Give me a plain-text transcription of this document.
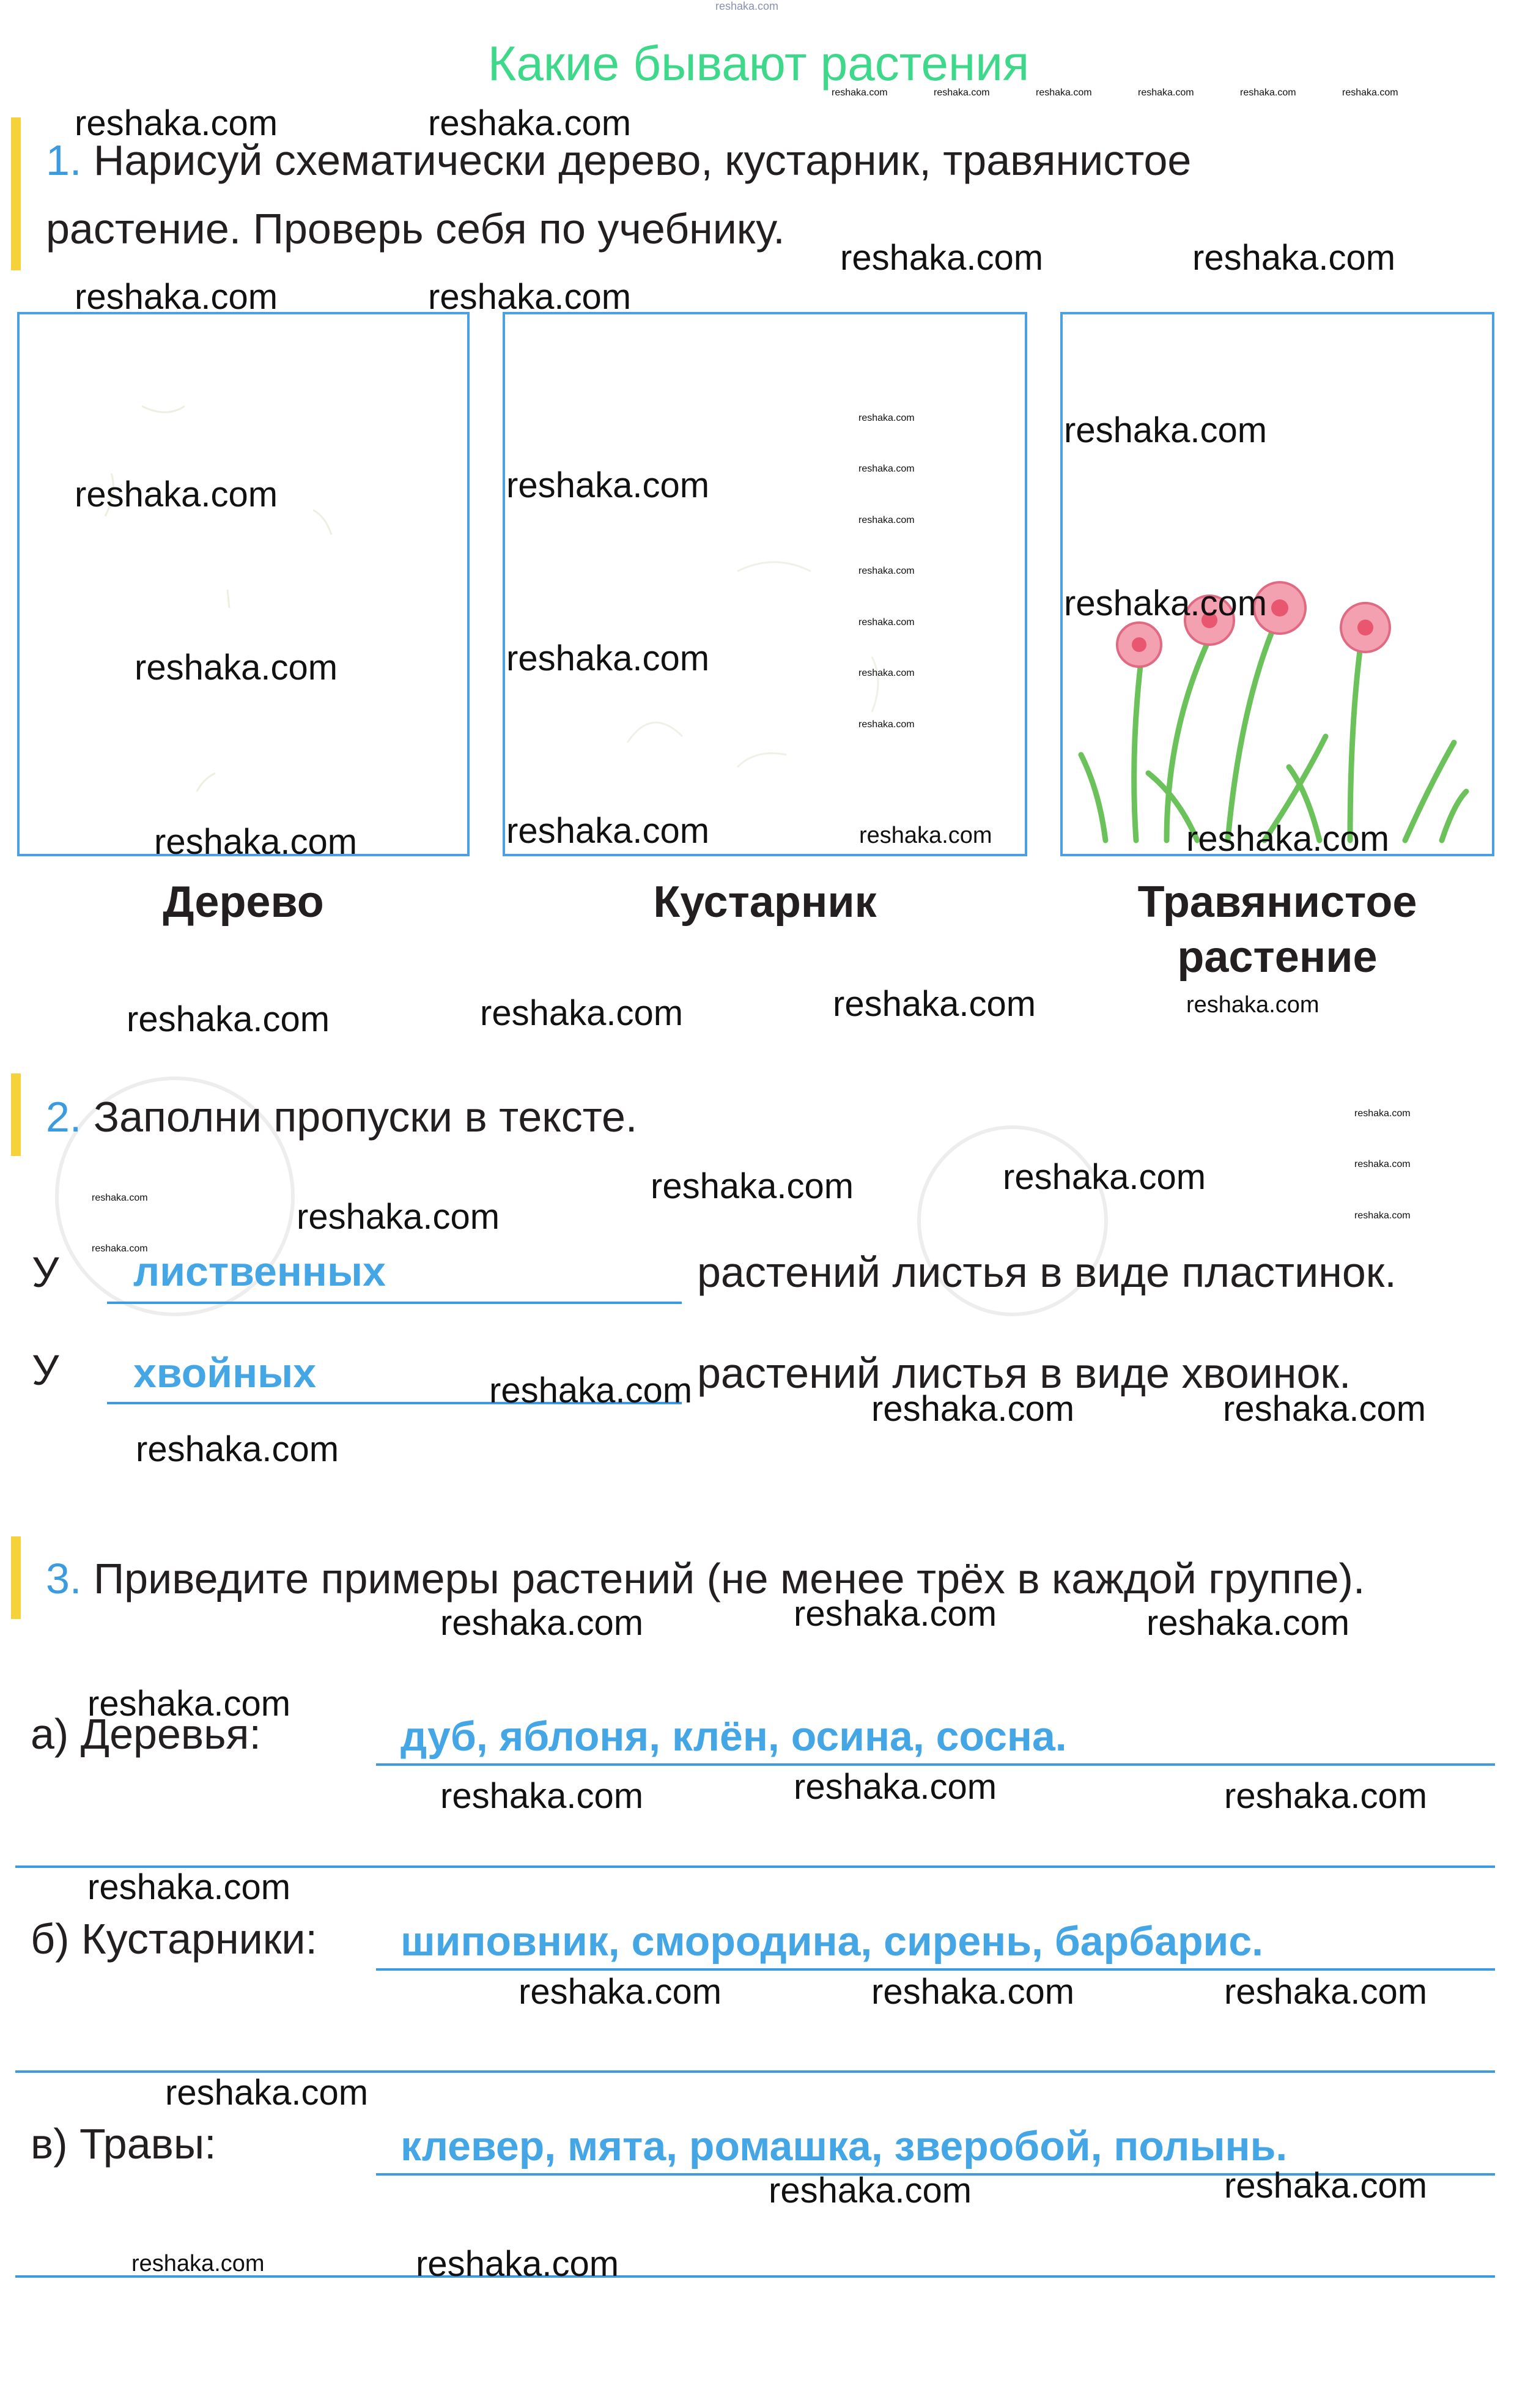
reshaka.com
Какие бывают растения
1. Нарисуй схематически дерево, кустарник, травянистое
растение. Проверь себя по учебнику.
Дерево	Кустарник	Травянистое
растение
2. Заполни пропуски в тексте.
У лиственных	растений листья в виде пластинок.
У хвойных	растений листья в виде хвоинок.
3. Приведите примеры растений (не менее трёх в каждой группе).
а) Деревья:	дуб, яблоня, клён, осина, сосна.
б) Кустарники: шиповник, смородина, сирень, барбарис.
в) Травы:	клевер, мята, ромашка, зверобой, полынь.
reshaka.com	reshaka.com
reshaka.com	reshaka.com
reshaka.com	reshaka.com
reshaka.com	reshaka.com
reshaka.com
reshaka.com	reshaka.com
reshaka.com
reshaka.com	reshaka.com	reshaka.com
reshaka.com
reshaka.com	reshaka.com	reshaka.com	reshaka.com
reshaka.com	reshaka.com
reshaka.com
reshaka.com	reshaka.com	reshaka.com
reshaka.com
reshaka.com	reshaka.com	reshaka.com
reshaka.com
reshaka.com	reshaka.com	reshaka.com
reshaka.com
reshaka.com	reshaka.com	reshaka.com
reshaka.com
reshaka.com	reshaka.com
reshaka.com	reshaka.com
reshaka.com	reshaka.com	reshaka.com	reshaka.com	reshaka.com	reshaka.com
reshaka.com
reshaka.com
reshaka.com
reshaka.com
reshaka.com
reshaka.com
reshaka.com
reshaka.com
reshaka.com
reshaka.com
reshaka.com
reshaka.com
